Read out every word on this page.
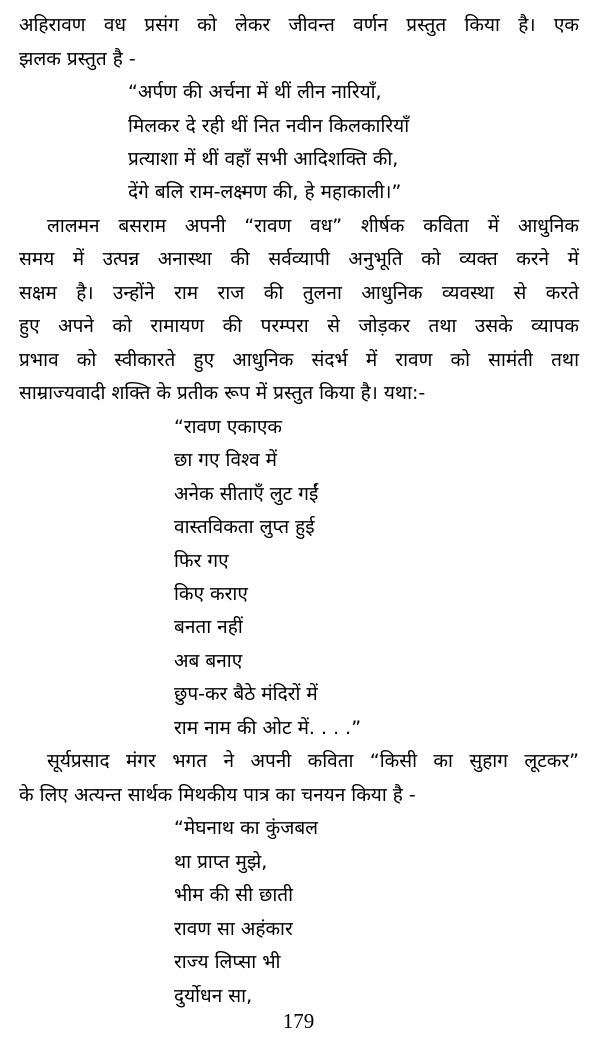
अहिरावण वध प्रसंग को लेकर जीवन्त वर्णन प्रस्तुत किया है। एक
झलक प्रस्तुत है -
“अर्पण की अर्चना में थीं लीन नारियाँ,
मिलकर दे रही थीं नित नवीन किलकारियाँ
प्रत्याशा में थीं वहाँ सभी आदिशक्ति की,
देंगे बलि राम-लक्ष्मण की, हे महाकाली।”
लालमन बसराम अपनी “रावण वध” शीर्षक कविता में आधुनिक
समय में उत्पन्न अनास्था की सर्वव्यापी अनुभूति को व्यक्त करने में
सक्षम है। उन्होंने राम राज की तुलना आधुनिक व्यवस्था से करते
हुए अपने को रामायण की परम्परा से जोड़कर तथा उसके व्यापक
प्रभाव को स्वीकारते हुए आधुनिक संदर्भ में रावण को सामंती तथा
साम्राज्यवादी शक्ति के प्रतीक रूप में प्रस्तुत किया है। यथा:-
“रावण एकाएक
छा गए विश्व में
अनेक सीताएँ लुट गईं
वास्तविकता लुप्त हुई
फिर गए
किए कराए
बनता नहीं
अब बनाए
छुप-कर बैठे मंदिरों में
राम नाम की ओट में. . . .”
सूर्यप्रसाद मंगर भगत ने अपनी कविता “किसी का सुहाग लूटकर”
के लिए अत्यन्त सार्थक मिथकीय पात्र का चनयन किया है -
“मेघनाथ का कुंजबल
था प्राप्त मुझे,
भीम की सी छाती
रावण सा अहंकार
राज्य लिप्सा भी
दुर्योधन सा,
179
